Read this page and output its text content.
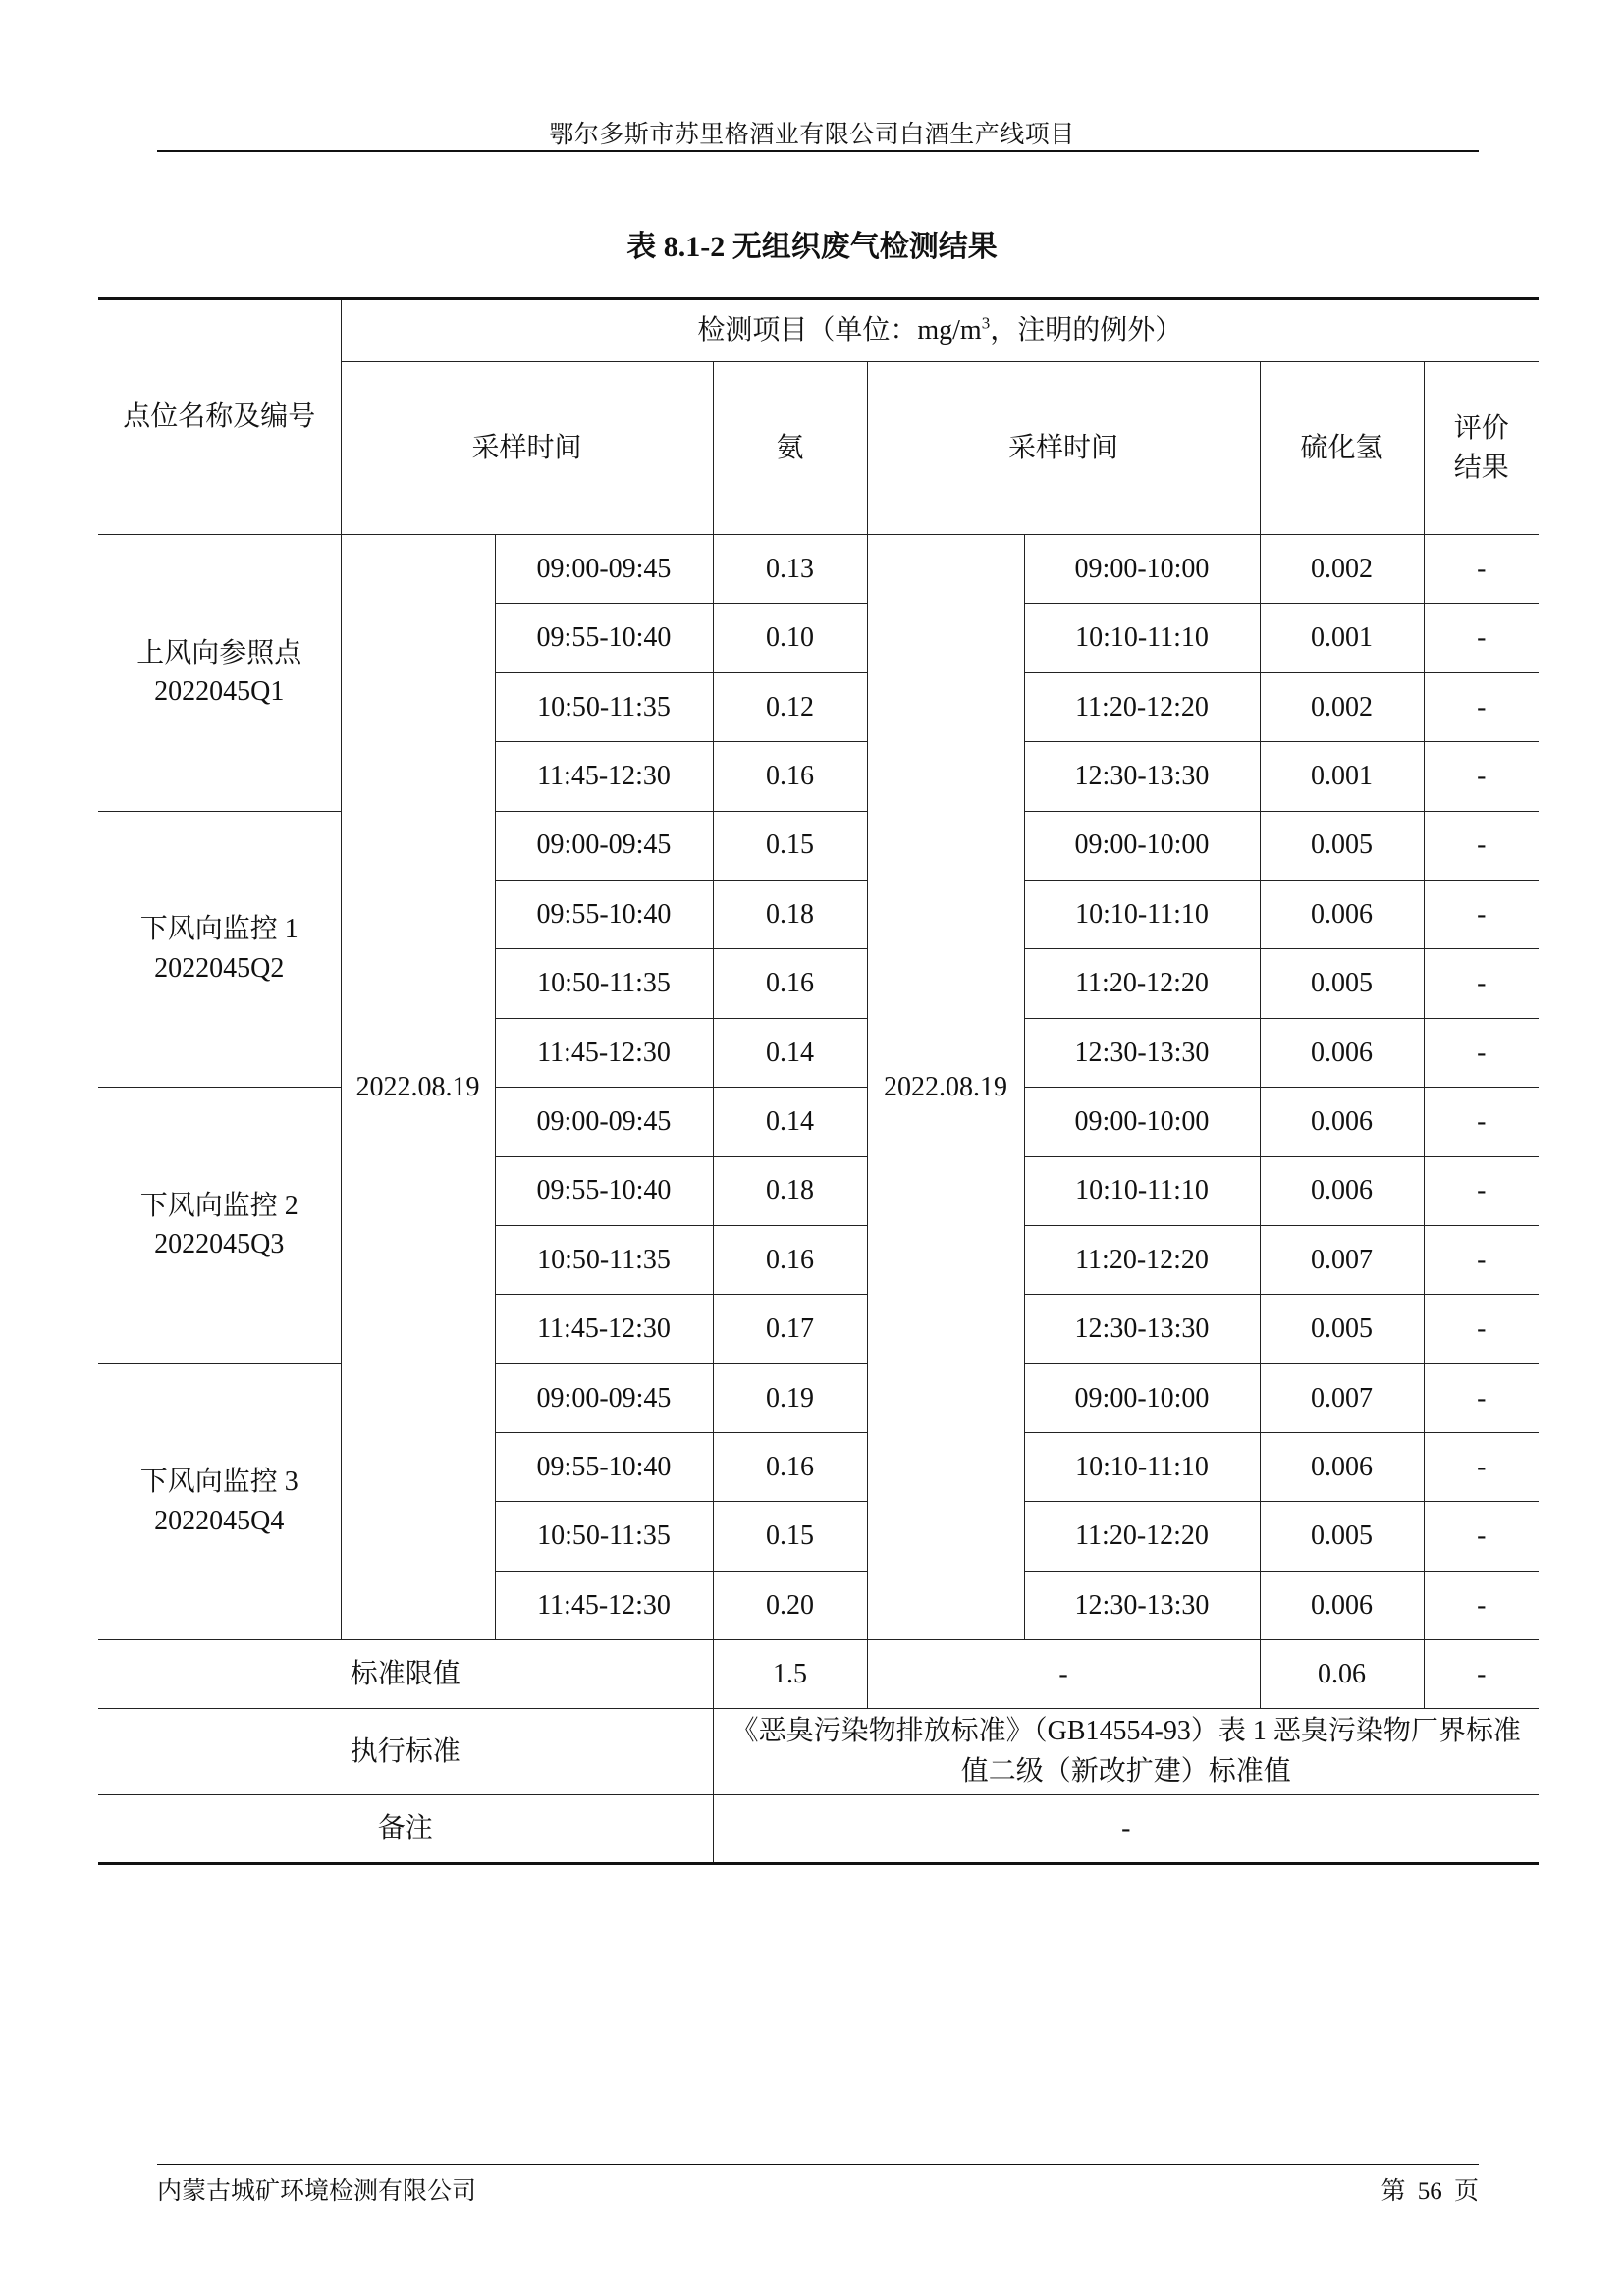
鄂尔多斯市苏里格酒业有限公司白酒生产线项目
表 8.1-2 无组织废气检测结果
点位名称及编号	检测项目（单位：$mg/m^3$，注明的例外）						
	采样时间		氨	采样时间		硫化氢	评价结果

上风向参照点
2022045Q1	2022.08.19	09:00-09:45	0.13	2022.08.19	09:00-10:00	0.002	-
		09:55-10:40	0.10		10:10-11:10	0.001	-
		10:50-11:35	0.12		11:20-12:20	0.002	-
		11:45-12:30	0.16		12:30-13:30	0.001	-

下风向监控 1
2022045Q2		09:00-09:45	0.15		09:00-10:00	0.005	-
		09:55-10:40	0.18		10:10-11:10	0.006	-
		10:50-11:35	0.16		11:20-12:20	0.005	-
		11:45-12:30	0.14		12:30-13:30	0.006	-

下风向监控 2
2022045Q3		09:00-09:45	0.14		09:00-10:00	0.006	-
		09:55-10:40	0.18		10:10-11:10	0.006	-
		10:50-11:35	0.16		11:20-12:20	0.007	-
		11:45-12:30	0.17		12:30-13:30	0.005	-

下风向监控 3
2022045Q4		09:00-09:45	0.19		09:00-10:00	0.007	-
		09:55-10:40	0.16		10:10-11:10	0.006	-
		10:50-11:35	0.15		11:20-12:20	0.005	-
		11:45-12:30	0.20		12:30-13:30	0.006	-
标准限值			1.5	-		0.06	-
执行标准			《恶臭污染物排放标准》（GB14554-93）表 1 恶臭污染物厂界标准值二级（新改扩建）标准值				
备注			-				
内蒙古城矿环境检测有限公司	第 56 页
